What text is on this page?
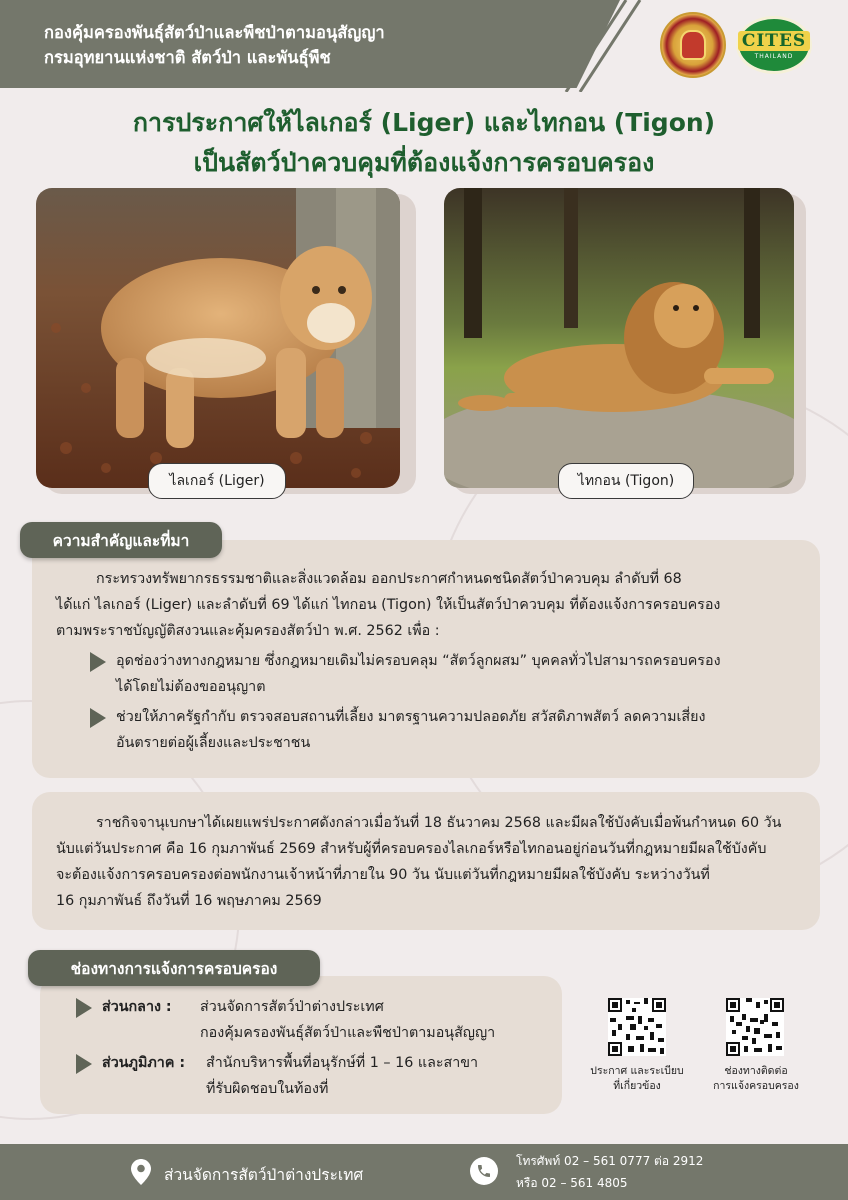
กองคุ้มครองพันธุ์สัตว์ป่าและพืชป่าตามอนุสัญญา
กรมอุทยานแห่งชาติ สัตว์ป่า และพันธุ์พืช
CITES
THAILAND
การประกาศให้ไลเกอร์ (Liger) และไทกอน (Tigon)
เป็นสัตว์ป่าควบคุมที่ต้องแจ้งการครอบครอง
ไลเกอร์ (Liger)	ไทกอน (Tigon)
ความสำคัญและที่มา
กระทรวงทรัพยากรธรรมชาติและสิ่งแวดล้อม ออกประกาศกำหนดชนิดสัตว์ป่าควบคุม ลำดับที่ 68
ได้แก่ ไลเกอร์ (Liger) และลำดับที่ 69 ได้แก่ ไทกอน (Tigon) ให้เป็นสัตว์ป่าควบคุม ที่ต้องแจ้งการครอบครอง
ตามพระราชบัญญัติสงวนและคุ้มครองสัตว์ป่า พ.ศ. 2562 เพื่อ :
อุดช่องว่างทางกฎหมาย ซึ่งกฎหมายเดิมไม่ครอบคลุม “สัตว์ลูกผสม” บุคคลทั่วไปสามารถครอบครอง
ได้โดยไม่ต้องขออนุญาต
ช่วยให้ภาครัฐกำกับ ตรวจสอบสถานที่เลี้ยง มาตรฐานความปลอดภัย สวัสดิภาพสัตว์ ลดความเสี่ยง
อันตรายต่อผู้เลี้ยงและประชาชน
ราชกิจจานุเบกษาได้เผยแพร่ประกาศดังกล่าวเมื่อวันที่ 18 ธันวาคม 2568 และมีผลใช้บังคับเมื่อพ้นกำหนด 60 วัน
นับแต่วันประกาศ คือ 16 กุมภาพันธ์ 2569 สำหรับผู้ที่ครอบครองไลเกอร์หรือไทกอนอยู่ก่อนวันที่กฎหมายมีผลใช้บังคับ
จะต้องแจ้งการครอบครองต่อพนักงานเจ้าหน้าที่ภายใน 90 วัน นับแต่วันที่กฎหมายมีผลใช้บังคับ ระหว่างวันที่
16 กุมภาพันธ์ ถึงวันที่ 16 พฤษภาคม 2569
ช่องทางการแจ้งการครอบครอง
ส่วนกลาง :	ส่วนจัดการสัตว์ป่าต่างประเทศ
กองคุ้มครองพันธุ์สัตว์ป่าและพืชป่าตามอนุสัญญา
ส่วนภูมิภาค :	สำนักบริหารพื้นที่อนุรักษ์ที่ 1 – 16 และสาขา
ที่รับผิดชอบในท้องที่
ประกาศ และระเบียบ
ที่เกี่ยวข้อง
ช่องทางติดต่อ
การแจ้งครอบครอง
ส่วนจัดการสัตว์ป่าต่างประเทศ
โทรศัพท์ 02 – 561 0777 ต่อ 2912
หรือ 02 – 561 4805
